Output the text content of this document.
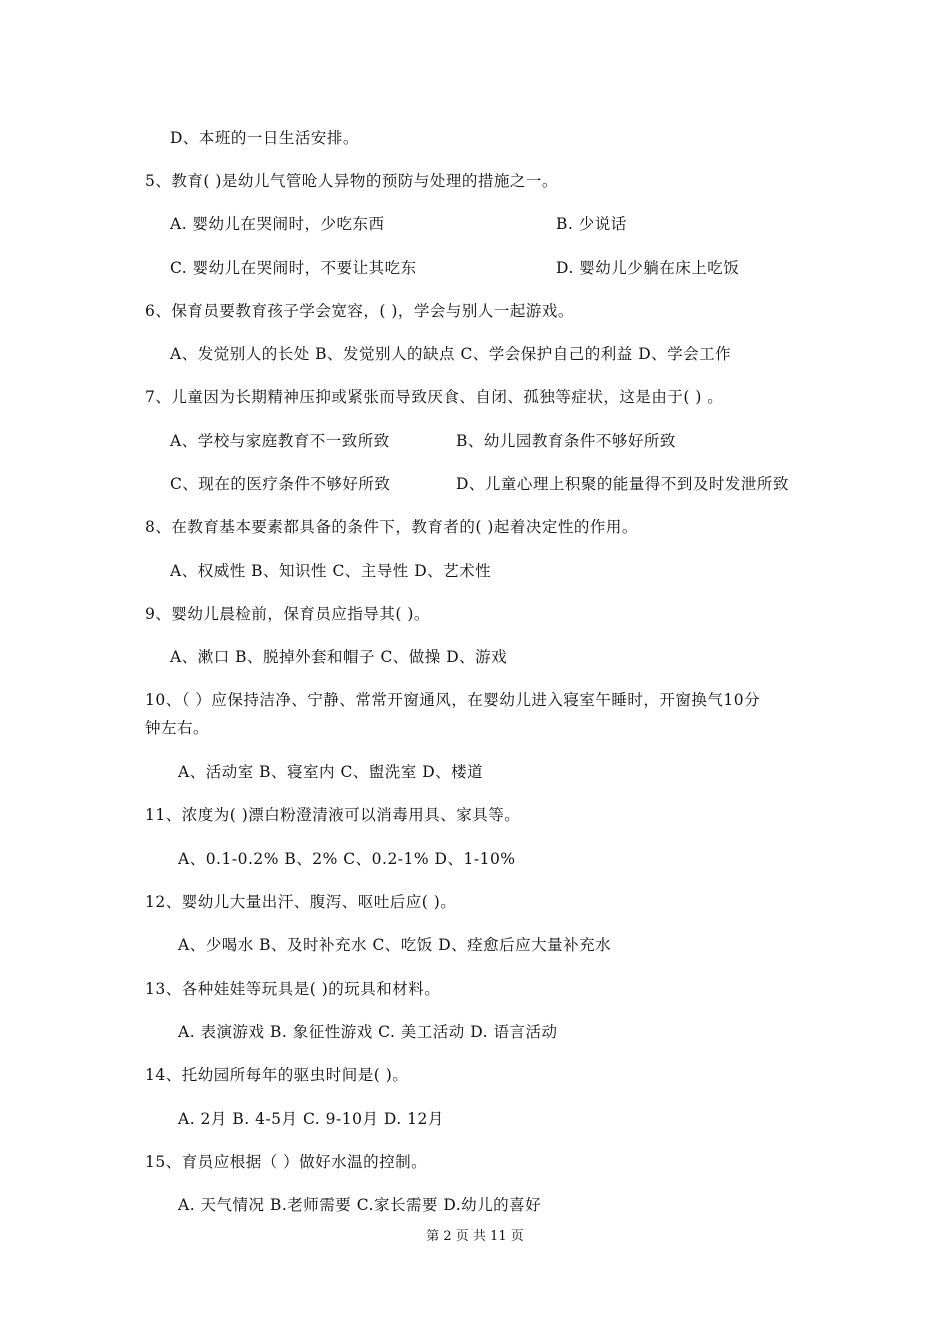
D、本班的一日生活安排。
5、教育( )是幼儿气管呛人异物的预防与处理的措施之一。
A. 婴幼儿在哭闹时，少吃东西	B. 少说话
C. 婴幼儿在哭闹时，不要让其吃东	D. 婴幼儿少躺在床上吃饭
6、保育员要教育孩子学会宽容，( )，学会与别人一起游戏。
A、发觉别人的长处 B、发觉别人的缺点 C、学会保护自己的利益 D、学会工作
7、儿童因为长期精神压抑或紧张而导致厌食、自闭、孤独等症状，这是由于( ) 。
A、学校与家庭教育不一致所致	B、幼儿园教育条件不够好所致
C、现在的医疗条件不够好所致	D、儿童心理上积聚的能量得不到及时发泄所致
8、在教育基本要素都具备的条件下，教育者的( )起着决定性的作用。
A、权威性 B、知识性 C、主导性 D、艺术性
9、婴幼儿晨检前，保育员应指导其( )。
A、漱口 B、脱掉外套和帽子 C、做操 D、游戏
10、（ ）应保持洁净、宁静、常常开窗通风，在婴幼儿进入寝室午睡时，开窗换气10分
钟左右。
A、活动室 B、寝室内 C、盥洗室 D、楼道
11、浓度为( )漂白粉澄清液可以消毒用具、家具等。
A、0.1-0.2% B、2% C、0.2-1% D、1-10%
12、婴幼儿大量出汗、腹泻、呕吐后应( )。
A、少喝水 B、及时补充水 C、吃饭 D、痊愈后应大量补充水
13、各种娃娃等玩具是( )的玩具和材料。
A. 表演游戏 B. 象征性游戏 C. 美工活动 D. 语言活动
14、托幼园所每年的驱虫时间是( )。
A. 2月 B. 4-5月 C. 9-10月 D. 12月
15、育员应根据（ ）做好水温的控制。
A. 天气情况 B.老师需要 C.家长需要 D.幼儿的喜好
第 2 页 共 11 页
